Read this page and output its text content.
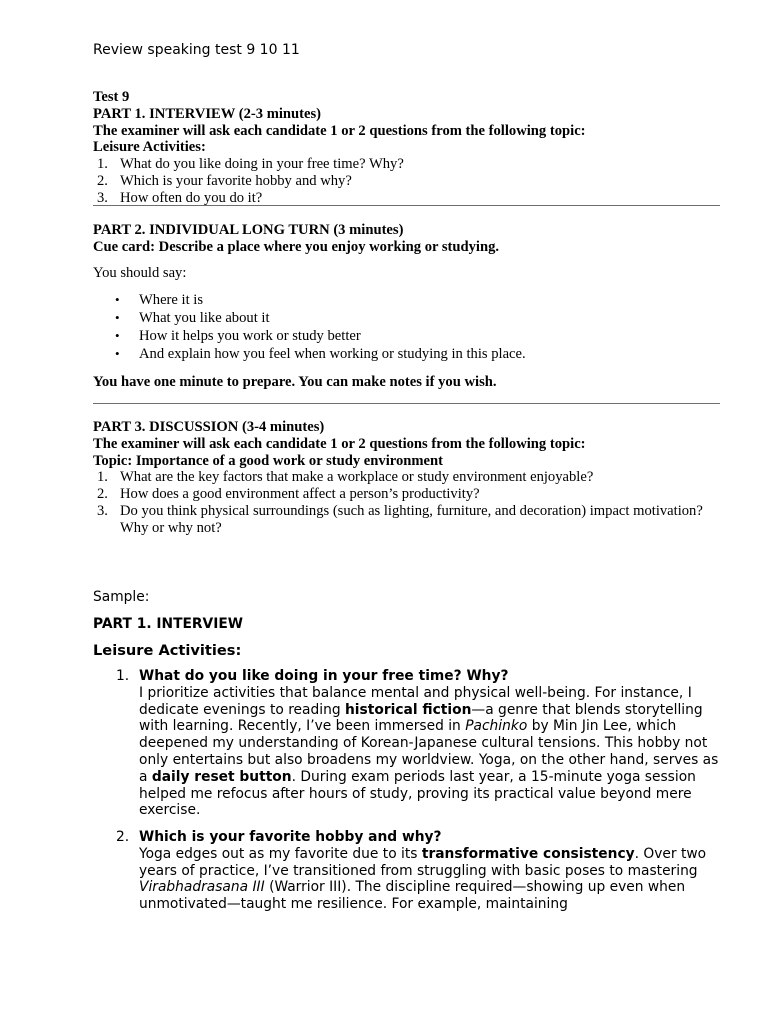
Review speaking test 9 10 11
Test 9
PART 1. INTERVIEW (2-3 minutes)
The examiner will ask each candidate 1 or 2 questions from the following topic:
Leisure Activities:
1. What do you like doing in your free time? Why?
2. Which is your favorite hobby and why?
3. How often do you do it?
PART 2. INDIVIDUAL LONG TURN (3 minutes)
Cue card: Describe a place where you enjoy working or studying.
You should say:
• Where it is
• What you like about it
• How it helps you work or study better
• And explain how you feel when working or studying in this place.
You have one minute to prepare. You can make notes if you wish.
PART 3. DISCUSSION (3-4 minutes)
The examiner will ask each candidate 1 or 2 questions from the following topic:
Topic: Importance of a good work or study environment
1. What are the key factors that make a workplace or study environment enjoyable?
2. How does a good environment affect a person’s productivity?
3. Do you think physical surroundings (such as lighting, furniture, and decoration) impact motivation? Why or why not?
Sample:
PART 1. INTERVIEW
Leisure Activities:
1. What do you like doing in your free time? Why?
I prioritize activities that balance mental and physical well-being. For instance, I dedicate evenings to reading historical fiction—a genre that blends storytelling with learning. Recently, I’ve been immersed in Pachinko by Min Jin Lee, which deepened my understanding of Korean-Japanese cultural tensions. This hobby not only entertains but also broadens my worldview. Yoga, on the other hand, serves as a daily reset button. During exam periods last year, a 15-minute yoga session helped me refocus after hours of study, proving its practical value beyond mere exercise.
2. Which is your favorite hobby and why?
Yoga edges out as my favorite due to its transformative consistency. Over two years of practice, I’ve transitioned from struggling with basic poses to mastering Virabhadrasana III (Warrior III). The discipline required—showing up even when unmotivated—taught me resilience. For example, maintaining
